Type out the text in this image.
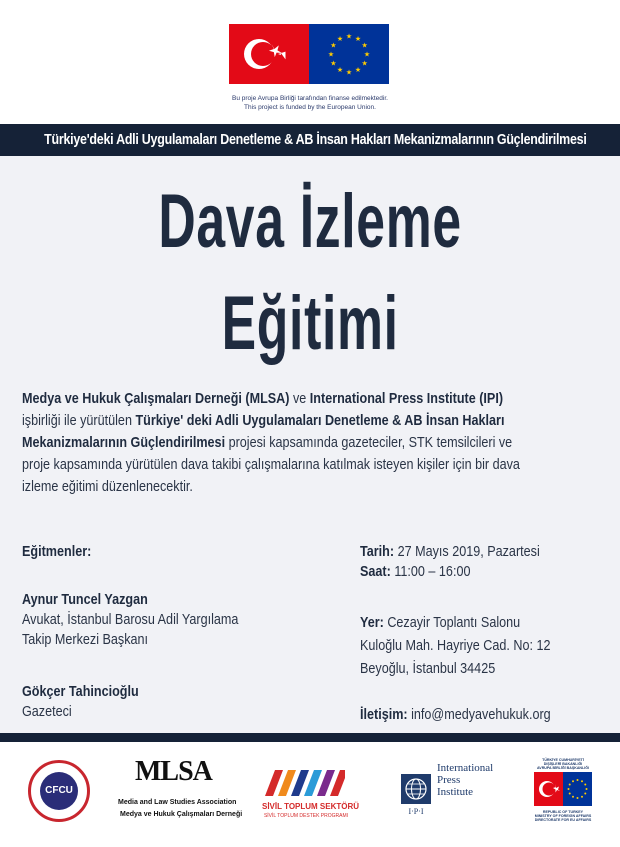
★ ★
★
★
★
★
★
★
★
★
★
★
Bu proje Avrupa Birliği tarafından finanse edilmektedir.
This project is funded by the European Union.
Türkiye'deki Adli Uygulamaları Denetleme & AB İnsan Hakları Mekanizmalarının Güçlendirilmesi
Dava İzleme
Eğitimi
Medya ve Hukuk Çalışmaları Derneği (MLSA) ve International Press Institute (IPI)
işbirliği ile yürütülen Türkiye' deki Adli Uygulamaları Denetleme & AB İnsan Hakları
Mekanizmalarının Güçlendirilmesi projesi kapsamında gazeteciler, STK temsilcileri ve
proje kapsamında yürütülen dava takibi çalışmalarına katılmak isteyen kişiler için bir dava
izleme eğitimi düzenlenecektir.
Eğitmenler:
Aynur Tuncel Yazgan
Avukat, İstanbul Barosu Adil Yargılama
Takip Merkezi Başkanı
Gökçer Tahincioğlu
Gazeteci
Tarih: 27 Mayıs 2019, Pazartesi
Saat: 11:00 – 16:00
Yer: Cezayir Toplantı Salonu
Kuloğlu Mah. Hayriye Cad. No: 12
Beyoğlu, İstanbul 34425
İletişim: info@medyavehukuk.org
CFCU
MLSA
Media and Law Studies Association
Medya ve Hukuk Çalışmaları Derneği
SİVİL TOPLUM SEKTÖRÜ
SİVİL TOPLUM DESTEK PROGRAMI	I·P·I
International
Press
Institute
TÜRKİYE CUMHURİYETİ
DIŞİŞLERİ BAKANLIĞI
AVRUPA BİRLİĞİ BAŞKANLIĞI
REPUBLIC OF TURKEY
MINISTRY OF FOREIGN AFFAIRS
DIRECTORATE FOR EU AFFAIRS
